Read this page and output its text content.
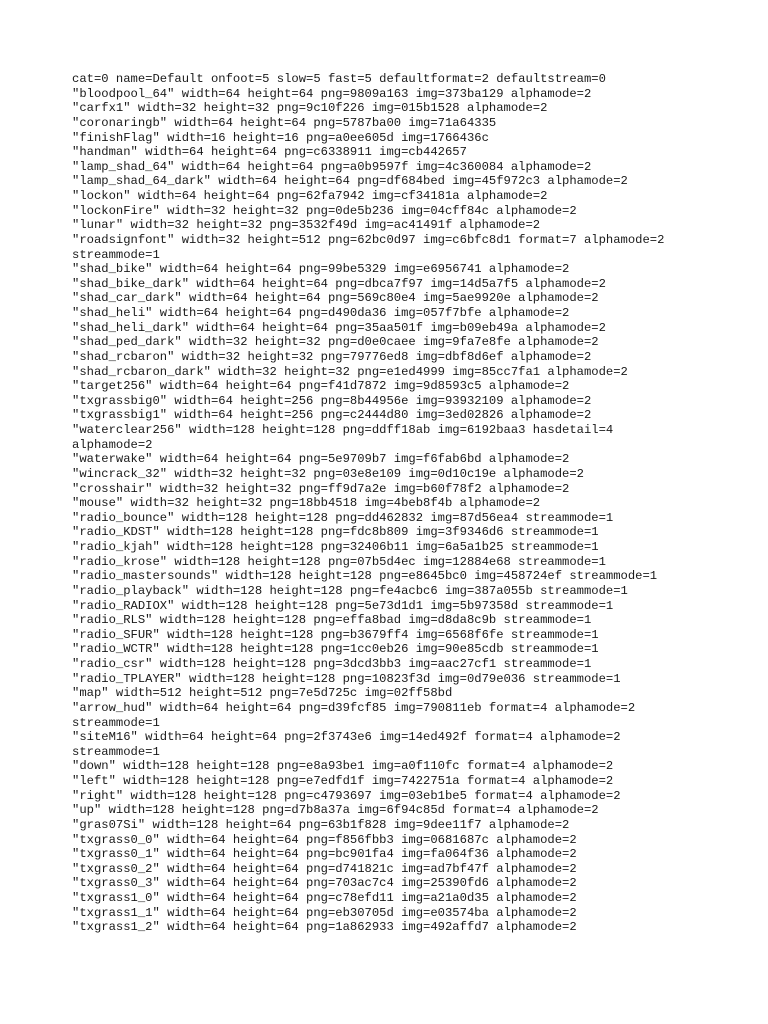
cat=0 name=Default onfoot=5 slow=5 fast=5 defaultformat=2 defaultstream=0
"bloodpool_64" width=64 height=64 png=9809a163 img=373ba129 alphamode=2
"carfx1" width=32 height=32 png=9c10f226 img=015b1528 alphamode=2
"coronaringb" width=64 height=64 png=5787ba00 img=71a64335
"finishFlag" width=16 height=16 png=a0ee605d img=1766436c
"handman" width=64 height=64 png=c6338911 img=cb442657
"lamp_shad_64" width=64 height=64 png=a0b9597f img=4c360084 alphamode=2
"lamp_shad_64_dark" width=64 height=64 png=df684bed img=45f972c3 alphamode=2
"lockon" width=64 height=64 png=62fa7942 img=cf34181a alphamode=2
"lockonFire" width=32 height=32 png=0de5b236 img=04cff84c alphamode=2
"lunar" width=32 height=32 png=3532f49d img=ac41491f alphamode=2
"roadsignfont" width=32 height=512 png=62bc0d97 img=c6bfc8d1 format=7 alphamode=2
streammode=1
"shad_bike" width=64 height=64 png=99be5329 img=e6956741 alphamode=2
"shad_bike_dark" width=64 height=64 png=dbca7f97 img=14d5a7f5 alphamode=2
"shad_car_dark" width=64 height=64 png=569c80e4 img=5ae9920e alphamode=2
"shad_heli" width=64 height=64 png=d490da36 img=057f7bfe alphamode=2
"shad_heli_dark" width=64 height=64 png=35aa501f img=b09eb49a alphamode=2
"shad_ped_dark" width=32 height=32 png=d0e0caee img=9fa7e8fe alphamode=2
"shad_rcbaron" width=32 height=32 png=79776ed8 img=dbf8d6ef alphamode=2
"shad_rcbaron_dark" width=32 height=32 png=e1ed4999 img=85cc7fa1 alphamode=2
"target256" width=64 height=64 png=f41d7872 img=9d8593c5 alphamode=2
"txgrassbig0" width=64 height=256 png=8b44956e img=93932109 alphamode=2
"txgrassbig1" width=64 height=256 png=c2444d80 img=3ed02826 alphamode=2
"waterclear256" width=128 height=128 png=ddff18ab img=6192baa3 hasdetail=4
alphamode=2
"waterwake" width=64 height=64 png=5e9709b7 img=f6fab6bd alphamode=2
"wincrack_32" width=32 height=32 png=03e8e109 img=0d10c19e alphamode=2
"crosshair" width=32 height=32 png=ff9d7a2e img=b60f78f2 alphamode=2
"mouse" width=32 height=32 png=18bb4518 img=4beb8f4b alphamode=2
"radio_bounce" width=128 height=128 png=dd462832 img=87d56ea4 streammode=1
"radio_KDST" width=128 height=128 png=fdc8b809 img=3f9346d6 streammode=1
"radio_kjah" width=128 height=128 png=32406b11 img=6a5a1b25 streammode=1
"radio_krose" width=128 height=128 png=07b5d4ec img=12884e68 streammode=1
"radio_mastersounds" width=128 height=128 png=e8645bc0 img=458724ef streammode=1
"radio_playback" width=128 height=128 png=fe4acbc6 img=387a055b streammode=1
"radio_RADIOX" width=128 height=128 png=5e73d1d1 img=5b97358d streammode=1
"radio_RLS" width=128 height=128 png=effa8bad img=d8da8c9b streammode=1
"radio_SFUR" width=128 height=128 png=b3679ff4 img=6568f6fe streammode=1
"radio_WCTR" width=128 height=128 png=1cc0eb26 img=90e85cdb streammode=1
"radio_csr" width=128 height=128 png=3dcd3bb3 img=aac27cf1 streammode=1
"radio_TPLAYER" width=128 height=128 png=10823f3d img=0d79e036 streammode=1
"map" width=512 height=512 png=7e5d725c img=02ff58bd
"arrow_hud" width=64 height=64 png=d39fcf85 img=790811eb format=4 alphamode=2
streammode=1
"siteM16" width=64 height=64 png=2f3743e6 img=14ed492f format=4 alphamode=2
streammode=1
"down" width=128 height=128 png=e8a93be1 img=a0f110fc format=4 alphamode=2
"left" width=128 height=128 png=e7edfd1f img=7422751a format=4 alphamode=2
"right" width=128 height=128 png=c4793697 img=03eb1be5 format=4 alphamode=2
"up" width=128 height=128 png=d7b8a37a img=6f94c85d format=4 alphamode=2
"gras07Si" width=128 height=64 png=63b1f828 img=9dee11f7 alphamode=2
"txgrass0_0" width=64 height=64 png=f856fbb3 img=0681687c alphamode=2
"txgrass0_1" width=64 height=64 png=bc901fa4 img=fa064f36 alphamode=2
"txgrass0_2" width=64 height=64 png=d741821c img=ad7bf47f alphamode=2
"txgrass0_3" width=64 height=64 png=703ac7c4 img=25390fd6 alphamode=2
"txgrass1_0" width=64 height=64 png=c78efd11 img=a21a0d35 alphamode=2
"txgrass1_1" width=64 height=64 png=eb30705d img=e03574ba alphamode=2
"txgrass1_2" width=64 height=64 png=1a862933 img=492affd7 alphamode=2
